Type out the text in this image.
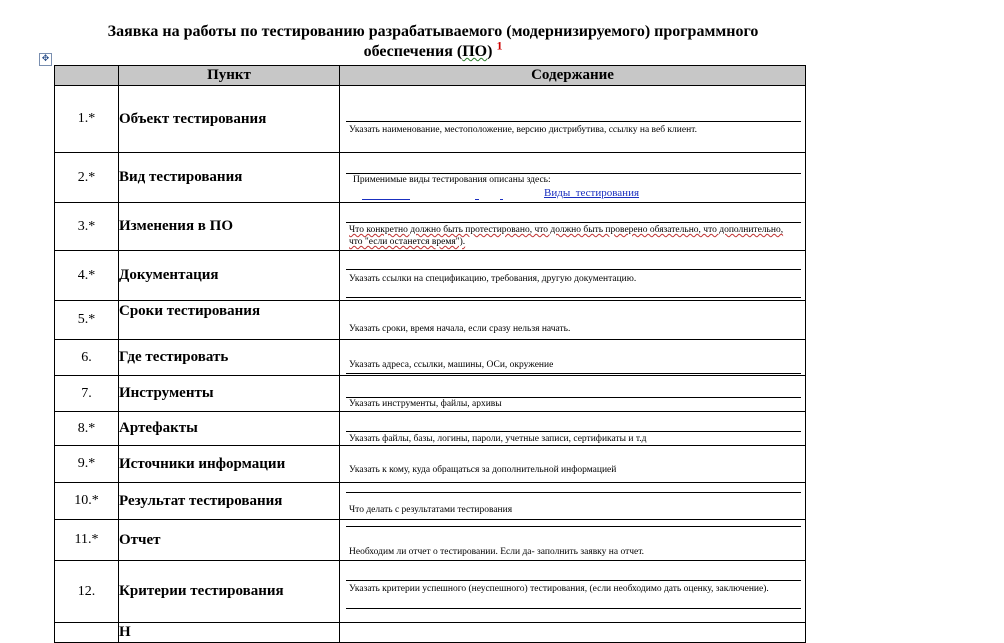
Заявка на работы по тестированию разрабатываемого (модернизируемого) программного
обеспечения (ПО) $^1$
✥
	Пункт	Содержание
1.*	Объект тестирования	Указать наименование, местоположение, версию дистрибутива, ссылку на веб клиент.

2.*	Вид тестирования	Применимые виды тестирования описаны здесь:
Виды_тестирования

3.*	Изменения в ПО	Что конкретно должно быть протестировано, что должно быть проверено обязательно, что дополнительно, что "если останется время").

4.*	Документация	Указать ссылки на спецификацию, требования, другую документацию.

5.*	Сроки тестирования	Указать сроки, время начала, если сразу нельзя начать.

6.	Где тестировать	Указать адреса, ссылки, машины, ОСи, окружение

7.	Инструменты	Указать инструменты, файлы, архивы

8.*	Артефакты	Указать файлы, базы, логины, пароли, учетные записи, сертификаты и т.д

9.*	Источники информации	Указать к кому, куда обращаться за дополнительной информацией

10.*	Результат тестирования	Что делать с результатами тестирования

11.*	Отчет	Необходим ли отчет о тестировании. Если да- заполнить заявку на отчет.

12.	Критерии тестирования	Указать критерии успешного (неуспешного) тестирования, (если необходимо дать оценку, заключение).

	Н	
